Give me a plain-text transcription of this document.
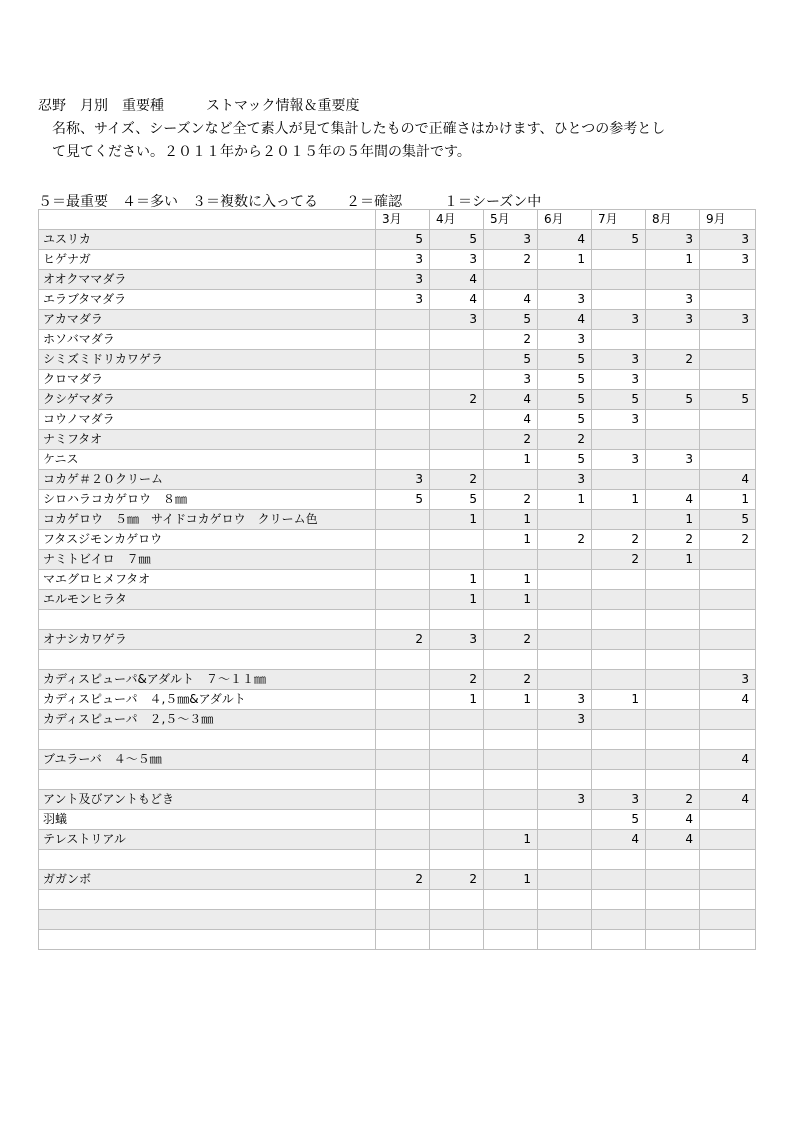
忍野　月別　重要種　　　ストマック情報＆重要度
　名称、サイズ、シーズンなど全て素人が見て集計したもので正確さはかけます、ひとつの参考とし
　て見てください。２０１１年から２０１５年の５年間の集計です。
５＝最重要　４＝多い　３＝複数に入ってる　　２＝確認　　　１＝シーズン中
	3月	4月	5月	6月	7月	8月	9月
ユスリカ	5	5	3	4	5	3	3
ヒゲナガ	3	3	2	1		1	3
オオクママダラ	3	4					
エラブタマダラ	3	4	4	3		3	
アカマダラ		3	5	4	3	3	3
ホソバマダラ			2	3			
シミズミドリカワゲラ			5	5	3	2	
クロマダラ			3	5	3		
クシゲマダラ		2	4	5	5	5	5
コウノマダラ			4	5	3		
ナミフタオ			2	2			
ケニス			1	5	3	3	
コカゲ＃２０クリーム	3	2		3			4
シロハラコカゲロウ　８㎜	5	5	2	1	1	4	1
コカゲロウ　５㎜　サイドコカゲロウ　クリーム色		1	1			1	5
フタスジモンカゲロウ			1	2	2	2	2
ナミトビイロ　７㎜					2	1	
マエグロヒメフタオ		1	1				
エルモンヒラタ		1	1				

オナシカワゲラ	2	3	2				

カディスピューパ&アダルト　７～１１㎜		2	2				3
カディスピューパ　４,５㎜&アダルト		1	1	3	1		4
カディスピューパ　２,５～３㎜				3			

ブユラーバ　４～５㎜							4

アント及びアントもどき				3	3	2	4
羽蟻					5	4	
テレストリアル			1		4	4	

ガガンボ	2	2	1				
